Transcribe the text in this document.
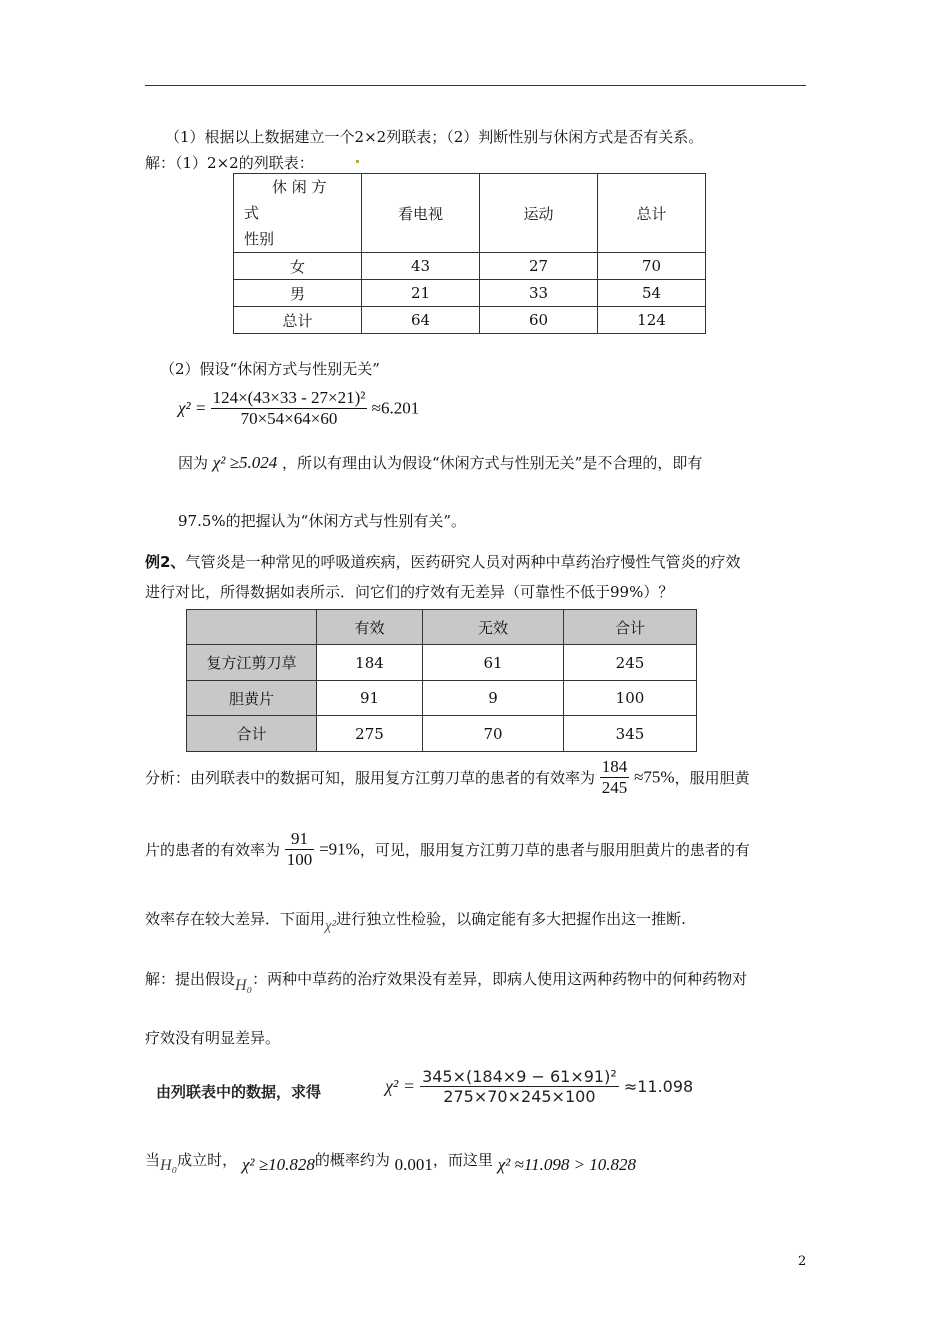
（1）根据以上数据建立一个2×2列联表；（2）判断性别与休闲方式是否有关系。
解：（1）2×2的列联表：
休 闲 方
式
性别	看电视	运动	总计
女	43	27	70
男	21	33	54
总计	64	60	124
（2）假设“休闲方式与性别无关”
$\chi^2 = \frac{\text{124×(43×33 - 27×21)²}}{70\times 54\times 64\times 60} \approx 6.201$
因为 χ² ≥5.024 ，所以有理由认为假设“休闲方式与性别无关”是不合理的，即有
97.5%的把握认为“休闲方式与性别有关”。
例2、气管炎是一种常见的呼吸道疾病，医药研究人员对两种中草药治疗慢性气管炎的疗效
进行对比，所得数据如表所示．问它们的疗效有无差异（可靠性不低于99%）？
	有效	无效	合计
复方江剪刀草	184	61	245
胆黄片	91	9	100
合计	275	70	345
分析：由列联表中的数据可知，服用复方江剪刀草的患者的有效率为 $\frac{184}{245} \approx 75\%$，服用胆黄
片的患者的有效率为 $\frac{91}{100} =91\%$，可见，服用复方江剪刀草的患者与服用胆黄片的患者的有
效率存在较大差异．下面用χ²进行独立性检验，以确定能有多大把握作出这一推断.
解：提出假设H₀：两种中草药的治疗效果没有差异，即病人使用这两种药物中的何种药物对
疗效没有明显差异。
由列联表中的数据，求得	$\chi^2 = \frac{\text{345×(184×9 − 61×91)²}}{275\times 70\times 245\times 100} \approx 11.098$
当H₀成立时， χ² ≥10.828的概率约为 0.001，而这里 χ² ≈11.098 > 10.828
2
